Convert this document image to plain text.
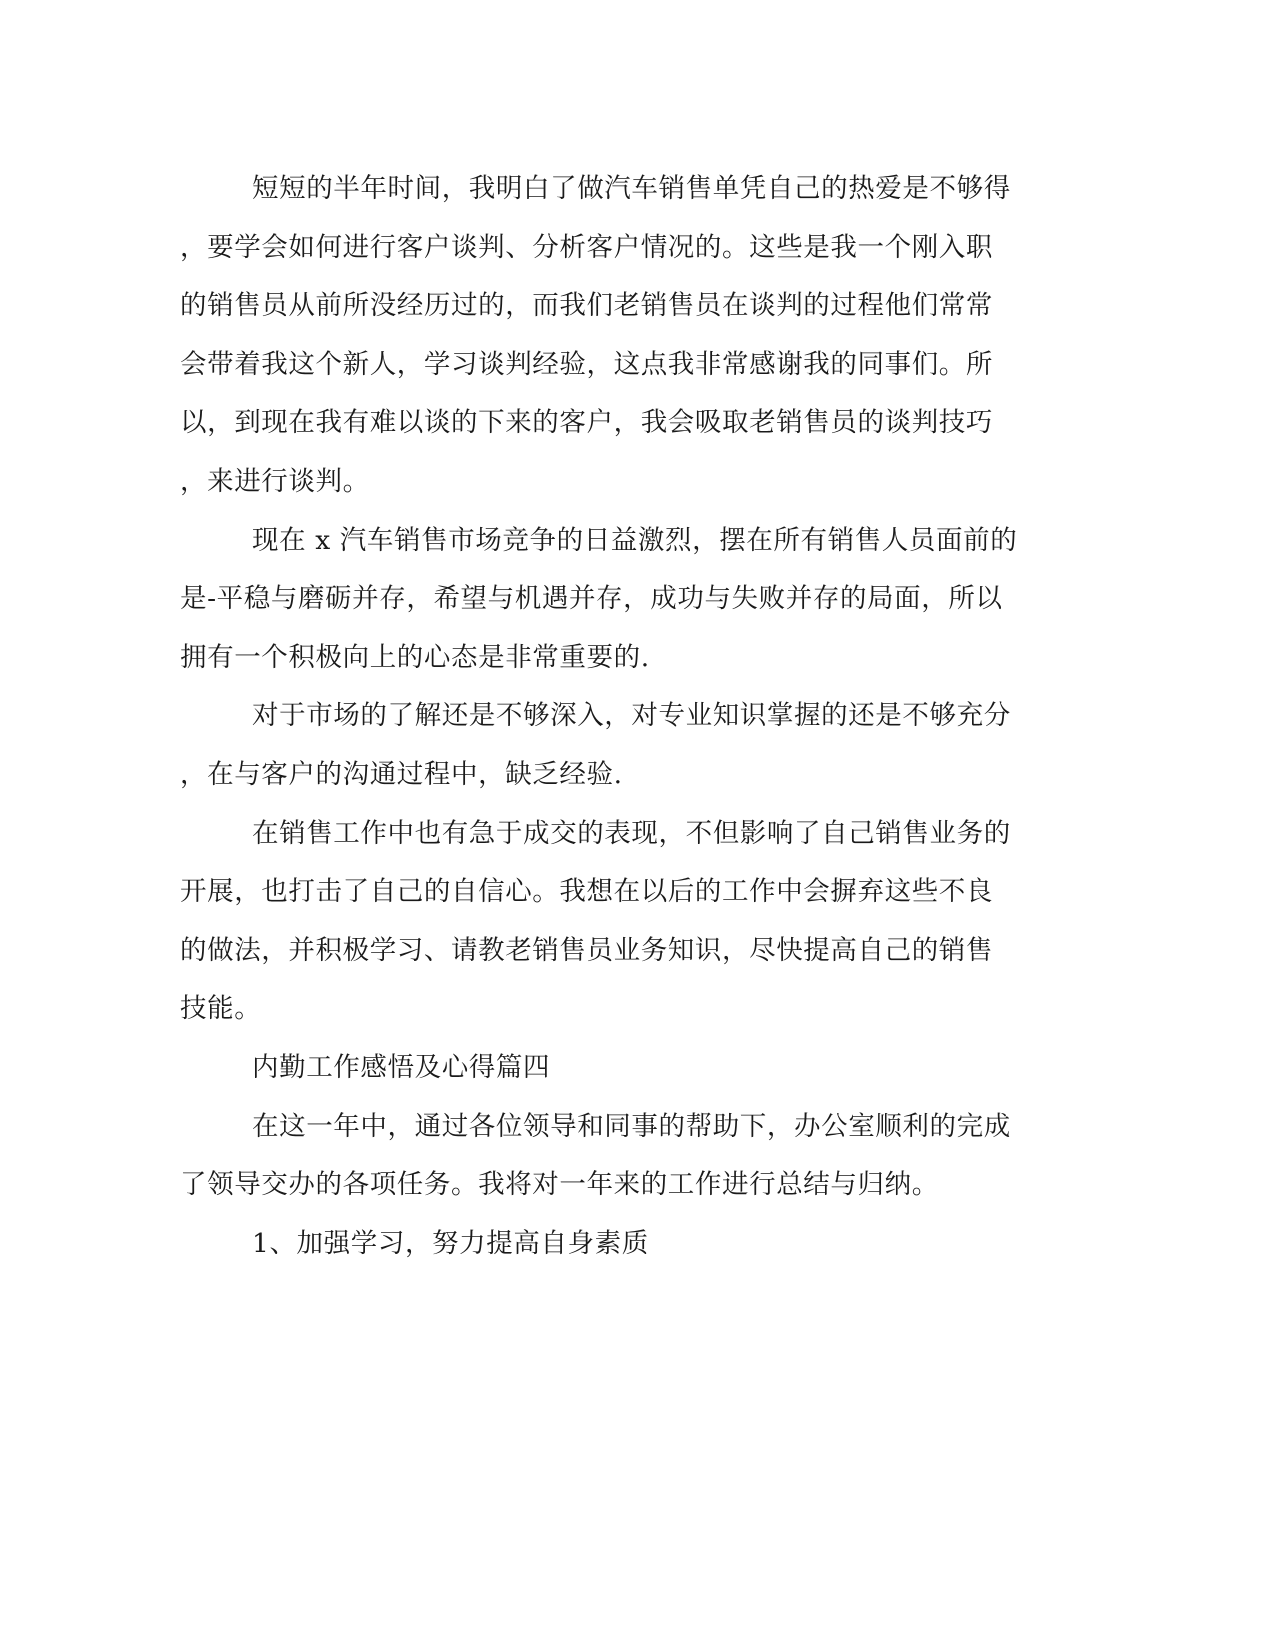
短短的半年时间，我明白了做汽车销售单凭自己的热爱是不够得
，要学会如何进行客户谈判、分析客户情况的。这些是我一个刚入职
的销售员从前所没经历过的，而我们老销售员在谈判的过程他们常常
会带着我这个新人，学习谈判经验，这点我非常感谢我的同事们。所
以，到现在我有难以谈的下来的客户，我会吸取老销售员的谈判技巧
，来进行谈判。
现在 x 汽车销售市场竞争的日益激烈，摆在所有销售人员面前的
是-平稳与磨砺并存，希望与机遇并存，成功与失败并存的局面，所以
拥有一个积极向上的心态是非常重要的.
对于市场的了解还是不够深入，对专业知识掌握的还是不够充分
，在与客户的沟通过程中，缺乏经验.
在销售工作中也有急于成交的表现，不但影响了自己销售业务的
开展，也打击了自己的自信心。我想在以后的工作中会摒弃这些不良
的做法，并积极学习、请教老销售员业务知识，尽快提高自己的销售
技能。
内勤工作感悟及心得篇四
在这一年中，通过各位领导和同事的帮助下，办公室顺利的完成
了领导交办的各项任务。我将对一年来的工作进行总结与归纳。
1、加强学习，努力提高自身素质
